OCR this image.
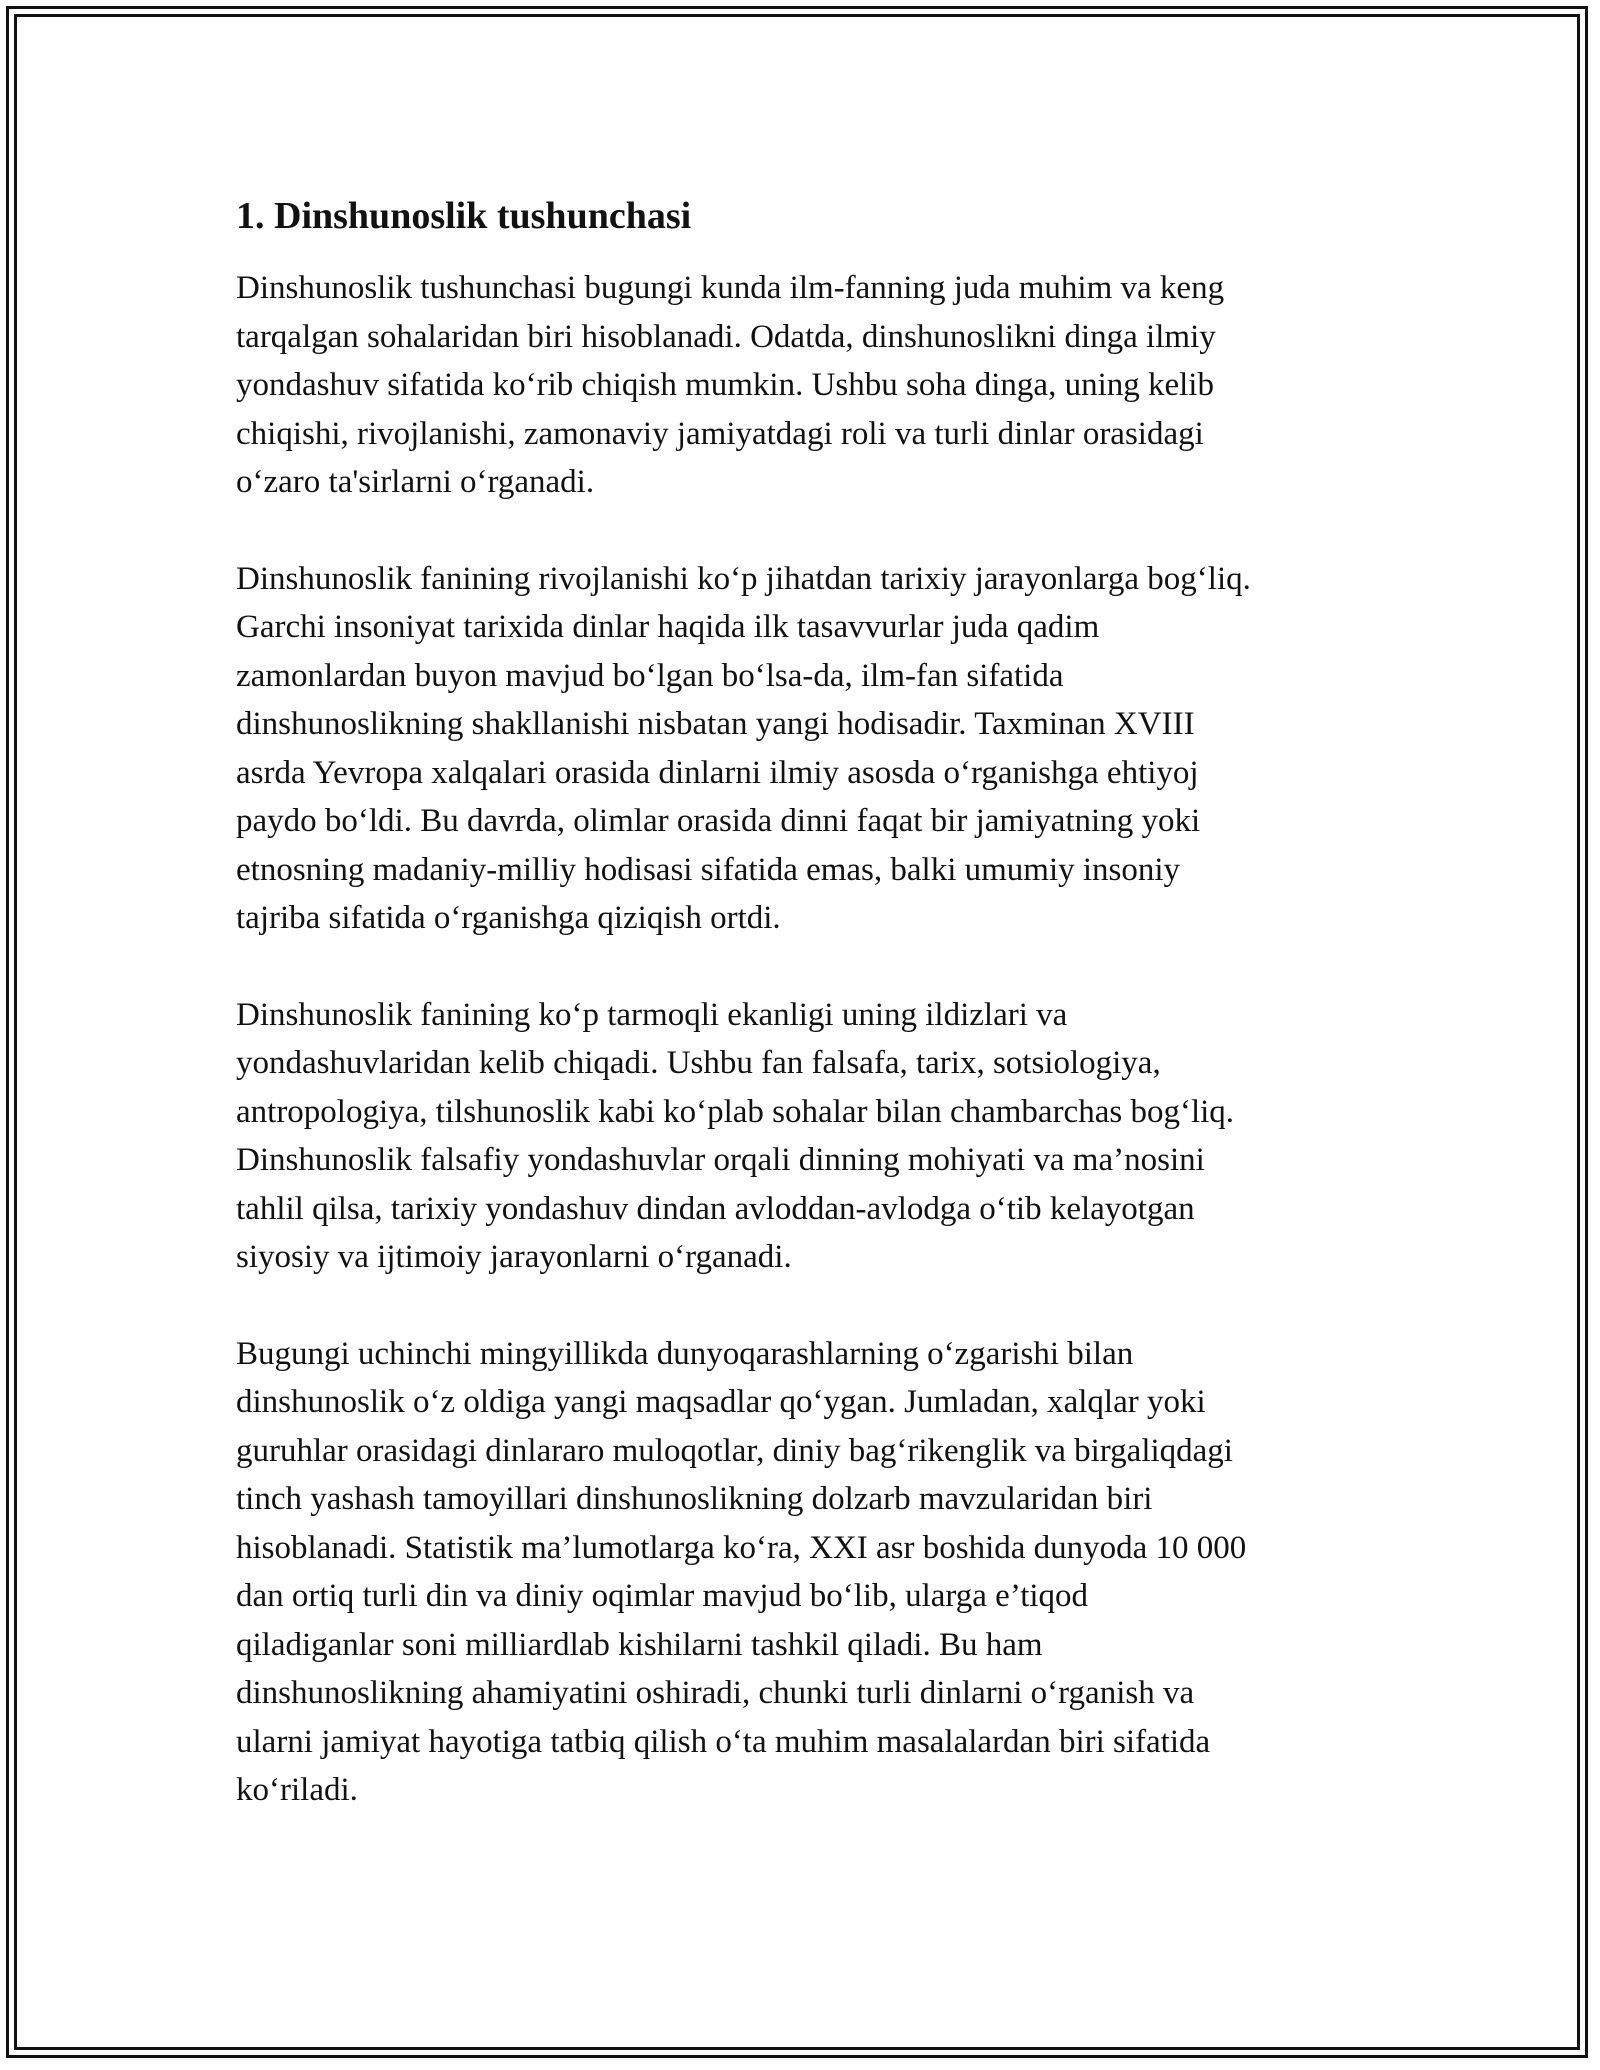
1. Dinshunoslik tushunchasi

Dinshunoslik tushunchasi bugungi kunda ilm-fanning juda muhim va keng
tarqalgan sohalaridan biri hisoblanadi. Odatda, dinshunoslikni dinga ilmiy
yondashuv sifatida ko‘rib chiqish mumkin. Ushbu soha dinga, uning kelib
chiqishi, rivojlanishi, zamonaviy jamiyatdagi roli va turli dinlar orasidagi
o‘zaro ta'sirlarni o‘rganadi.

Dinshunoslik fanining rivojlanishi ko‘p jihatdan tarixiy jarayonlarga bog‘liq.
Garchi insoniyat tarixida dinlar haqida ilk tasavvurlar juda qadim
zamonlardan buyon mavjud bo‘lgan bo‘lsa-da, ilm-fan sifatida
dinshunoslikning shakllanishi nisbatan yangi hodisadir. Taxminan XVIII
asrda Yevropa xalqalari orasida dinlarni ilmiy asosda o‘rganishga ehtiyoj
paydo bo‘ldi. Bu davrda, olimlar orasida dinni faqat bir jamiyatning yoki
etnosning madaniy-milliy hodisasi sifatida emas, balki umumiy insoniy
tajriba sifatida o‘rganishga qiziqish ortdi.

Dinshunoslik fanining ko‘p tarmoqli ekanligi uning ildizlari va
yondashuvlaridan kelib chiqadi. Ushbu fan falsafa, tarix, sotsiologiya,
antropologiya, tilshunoslik kabi ko‘plab sohalar bilan chambarchas bog‘liq.
Dinshunoslik falsafiy yondashuvlar orqali dinning mohiyati va ma’nosini
tahlil qilsa, tarixiy yondashuv dindan avloddan-avlodga o‘tib kelayotgan
siyosiy va ijtimoiy jarayonlarni o‘rganadi.

Bugungi uchinchi mingyillikda dunyoqarashlarning o‘zgarishi bilan
dinshunoslik o‘z oldiga yangi maqsadlar qo‘ygan. Jumladan, xalqlar yoki
guruhlar orasidagi dinlararo muloqotlar, diniy bag‘rikenglik va birgaliqdagi
tinch yashash tamoyillari dinshunoslikning dolzarb mavzularidan biri
hisoblanadi. Statistik ma’lumotlarga ko‘ra, XXI asr boshida dunyoda 10 000
dan ortiq turli din va diniy oqimlar mavjud bo‘lib, ularga e’tiqod
qiladiganlar soni milliardlab kishilarni tashkil qiladi. Bu ham
dinshunoslikning ahamiyatini oshiradi, chunki turli dinlarni o‘rganish va
ularni jamiyat hayotiga tatbiq qilish o‘ta muhim masalalardan biri sifatida
ko‘riladi.
